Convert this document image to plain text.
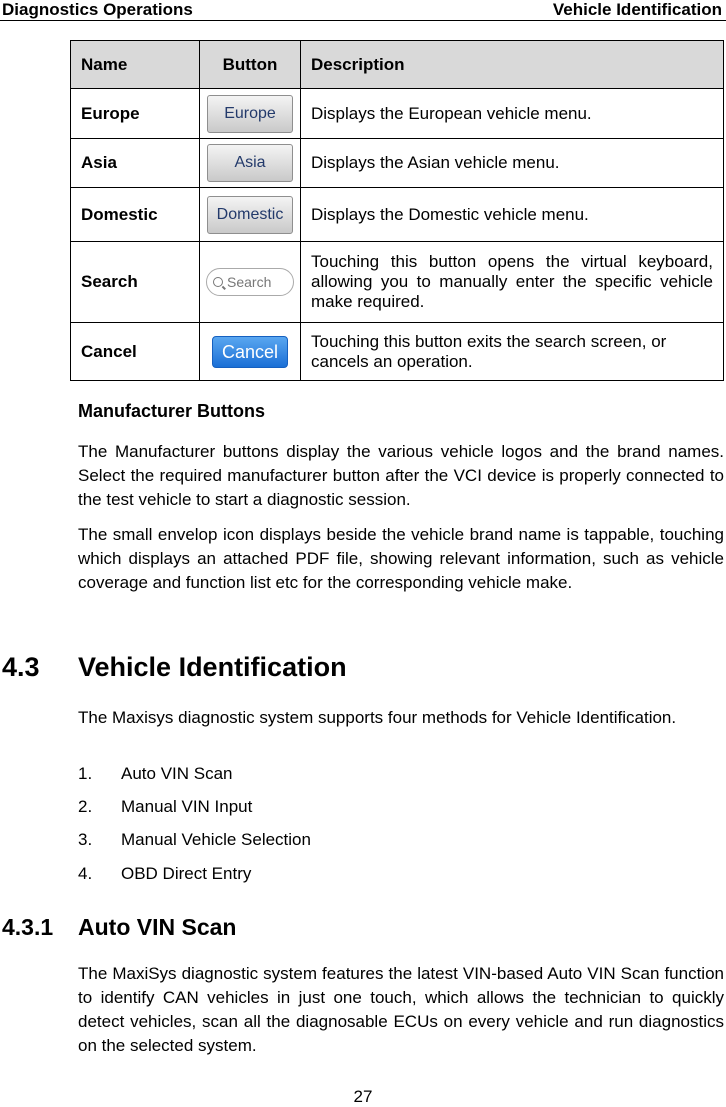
Diagnostics Operations	Vehicle Identification
Name	Button	Description
Europe	Europe	Displays the European vehicle menu.
Asia	Asia	Displays the Asian vehicle menu.
Domestic	Domestic	Displays the Domestic vehicle menu.
Search	Search	Touching this button opens the virtual keyboard, allowing you to manually enter the specific vehicle make required.
Cancel	Cancel	Touching this button exits the search screen, or cancels an operation.
Manufacturer Buttons
The Manufacturer buttons display the various vehicle logos and the brand names. Select the required manufacturer button after the VCI device is properly connected to the test vehicle to start a diagnostic session.
The small envelop icon displays beside the vehicle brand name is tappable, touching which displays an attached PDF file, showing relevant information, such as vehicle coverage and function list etc for the corresponding vehicle make.
4.3 Vehicle Identification
The Maxisys diagnostic system supports four methods for Vehicle Identification.
1. Auto VIN Scan
2. Manual VIN Input
3. Manual Vehicle Selection
4. OBD Direct Entry
4.3.1 Auto VIN Scan
The MaxiSys diagnostic system features the latest VIN-based Auto VIN Scan function to identify CAN vehicles in just one touch, which allows the technician to quickly detect vehicles, scan all the diagnosable ECUs on every vehicle and run diagnostics on the selected system.
27
